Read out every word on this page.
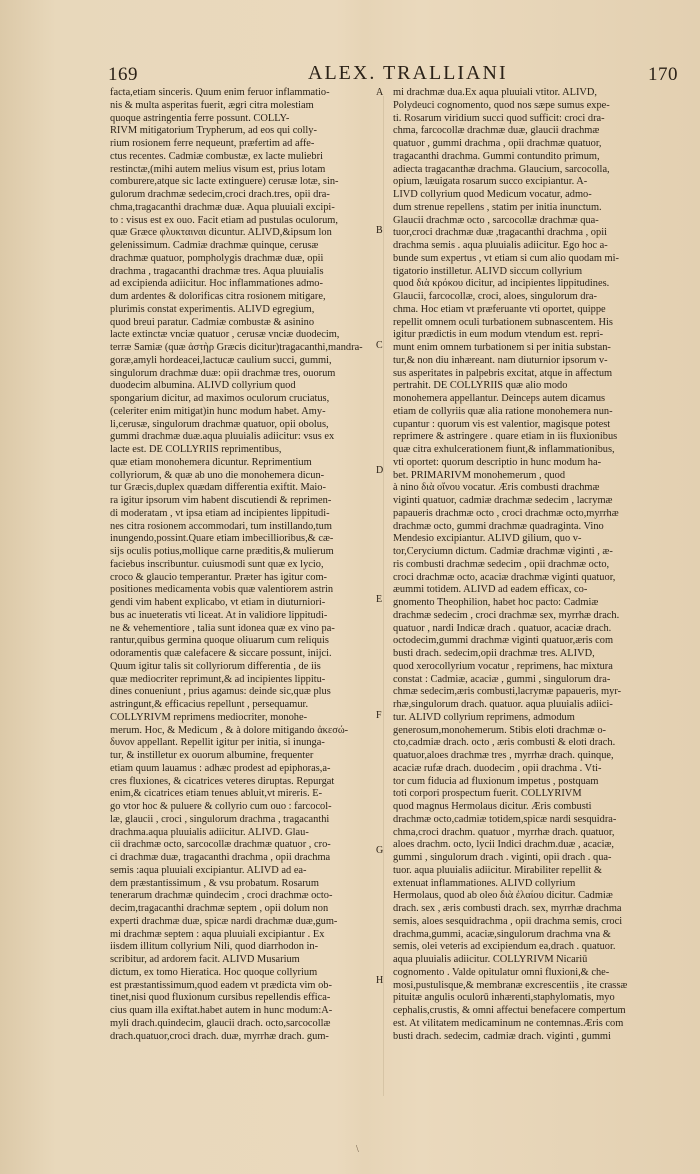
169	ALEX. TRALLIANI	170
A
B
C
D
E
F
G
H
facta,etiam sinceris. Quum enim feruor inflammatio-
nis & multa asperitas fuerit, ægri citra molestiam
quoque astringentia ferre possunt. COLLY-
RIVM mitigatorium Trypherum, ad eos qui colly-
rium rosionem ferre nequeunt, præfertim ad affe-
ctus recentes. Cadmiæ combustæ, ex lacte muliebri
restinctæ,(mihi autem melius visum est, prius lotam
comburere,atque sic lacte extinguere) cerusæ lotæ, sin-
gulorum drachmæ sedecim,croci drach.tres, opii dra-
chma,tragacanthi drachmæ duæ. Aqua pluuiali excipi-
to : visus est ex ouo. Facit etiam ad pustulas oculorum,
quæ Græce φλυκταιναι dicuntur. ALIVD,&ipsum lon
gelenissimum. Cadmiæ drachmæ quinque, cerusæ
drachmæ quatuor, pompholygis drachmæ duæ, opii
drachma , tragacanthi drachmæ tres. Aqua pluuialis
ad excipienda adiicitur. Hoc inflammationes admo-
dum ardentes & dolorificas citra rosionem mitigare,
plurimis constat experimentis. ALIVD egregium,
quod breui paratur. Cadmiæ combustæ & asinino
lacte extinctæ vnciæ quatuor , cerusæ vnciæ duodecim,
terræ Samiæ (quæ ἀστὴρ Græcis dicitur)tragacanthi,mandra-
goræ,amyli hordeacei,lactucæ caulium succi, gummi,
singulorum drachmæ duæ: opii drachmæ tres, ouorum
duodecim albumina. ALIVD collyrium quod
spongarium dicitur, ad maximos oculorum cruciatus,
(celeriter enim mitigat)in hunc modum habet. Amy-
li,cerusæ, singulorum drachmæ quatuor, opii obolus,
gummi drachmæ duæ.aqua pluuialis adiicitur: vsus ex
lacte est. DE COLLYRIIS reprimentibus,
quæ etiam monohemera dicuntur. Reprimentium
collyriorum, & quæ ab uno die monohemera dicun-
tur Græcis,duplex quædam differentia exiftit. Maio-
ra igitur ipsorum vim habent discutiendi & reprimen-
di moderatam , vt ipsa etiam ad incipientes lippitudi-
nes citra rosionem accommodari, tum instillando,tum
inungendo,possint.Quare etiam imbecillioribus,& cæ-
sijs oculis potius,mollique carne præditis,& mulierum
faciebus inscribuntur. cuiusmodi sunt quæ ex lycio,
croco & glaucio temperantur. Præter has igitur com-
positiones medicamenta vobis quæ valentiorem astrin
gendi vim habent explicabo, vt etiam in diuturniori-
bus ac inueteratis vti liceat. At in validiore lippitudi-
ne & vehementiore , talia sunt idonea quæ ex vino pa-
rantur,quibus germina quoque oliuarum cum reliquis
odoramentis quæ calefacere & siccare possunt, inijci.
Quum igitur talis sit collyriorum differentia , de iis
quæ mediocriter reprimunt,& ad incipientes lippitu-
dines conueniunt , prius agamus: deinde sic,quæ plus
astringunt,& efficacius repellunt , persequamur.
COLLYRIVM reprimens mediocriter, monohe-
merum. Hoc, & Medicum , & à dolore mitigando ἀκεσώ-
δυνον appellant. Repellit igitur per initia, si inunga-
tur, & instilletur ex ouorum albumine, frequenter
etiam quum lauamus : adhæc prodest ad epiphoras,a-
cres fluxiones, & cicatrices veteres diruptas. Repurgat
enim,& cicatrices etiam tenues abluit,vt mireris. E-
go vtor hoc & puluere & collyrio cum ouo : farcocol-
læ, glaucii , croci , singulorum drachma , tragacanthi
drachma.aqua pluuialis adiicitur. ALIVD. Glau-
cii drachmæ octo, sarcocollæ drachmæ quatuor , cro-
ci drachmæ duæ, tragacanthi drachma , opii drachma
semis :aqua pluuiali excipiantur. ALIVD ad ea-
dem præstantissimum , & vsu probatum. Rosarum
tenerarum drachmæ quindecim , croci drachmæ octo-
decim,tragacanthi drachmæ septem , opii dolum non
experti drachmæ duæ, spicæ nardi drachmæ duæ,gum-
mi drachmæ septem : aqua pluuiali excipiantur . Ex
iisdem illitum collyrium Nili, quod diarrhodon in-
scribitur, ad ardorem facit. ALIVD Musarium
dictum, ex tomo Hieratica. Hoc quoque collyrium
est præstantissimum,quod eadem vt prædicta vim ob-
tinet,nisi quod fluxionum cursibus repellendis effica-
cius quam illa exiftat.habet autem in hunc modum:A-
myli drach.quindecim, glaucii drach. octo,sarcocollæ
drach.quatuor,croci drach. duæ, myrrhæ drach. gum-
mi drachmæ dua.Ex aqua pluuiali vtitor. ALIVD,
Polydeuci cognomento, quod nos sæpe sumus expe-
ti. Rosarum viridium succi quod sufficit: croci dra-
chma, farcocollæ drachmæ duæ, glaucii drachmæ
quatuor , gummi drachma , opii drachmæ quatuor,
tragacanthi drachma. Gummi contundito primum,
adiecta tragacanthæ drachma. Glaucium, sarcocolla,
opium, læuigata rosarum succo excipiantur. A-
LIVD collyrium quod Medicum vocatur, admo-
dum strenue repellens , statim per initia inunctum.
Glaucii drachmæ octo , sarcocollæ drachmæ qua-
tuor,croci drachmæ duæ ,tragacanthi drachma , opii
drachma semis . aqua pluuialis adiicitur. Ego hoc a-
bunde sum expertus , vt etiam si cum alio quodam mi-
tigatorio instilletur. ALIVD siccum collyrium
quod διὰ κρόκου dicitur, ad incipientes lippitudines.
Glaucii, farcocollæ, croci, aloes, singulorum dra-
chma. Hoc etiam vt præferuante vti oportet, quippe
repellit omnem oculi turbationem subnascentem. His
igitur prædictis in eum modum vtendum est. repri-
munt enim omnem turbationem si per initia substan-
tur,& non diu inhæreant. nam diuturnior ipsorum v-
sus asperitates in palpebris excitat, atque in affectum
pertrahit. DE COLLYRIIS quæ alio modo
monohemera appellantur. Deinceps autem dicamus
etiam de collyriis quæ alia ratione monohemera nun-
cupantur : quorum vis est valentior, magisque potest
reprimere & astringere . quare etiam in iis fluxionibus
quæ citra exhulcerationem fiunt,& inflammationibus,
vti oportet: quorum descriptio in hunc modum ha-
bet. PRIMARIVM monohemerum , quod
à nino διὰ οἴνου vocatur. Æris combusti drachmæ
viginti quatuor, cadmiæ drachmæ sedecim , lacrymæ
papaueris drachmæ octo , croci drachmæ octo,myrrhæ
drachmæ octo, gummi drachmæ quadraginta. Vino
Mendesio excipiantur. ALIVD gilium, quo v-
tor,Ceryciumn dictum. Cadmiæ drachmæ viginti , æ-
ris combusti drachmæ sedecim , opii drachmæ octo,
croci drachmæ octo, acaciæ drachmæ viginti quatuor,
æummi totidem. ALIVD ad eadem efficax, co-
gnomento Theophilion, habet hoc pacto: Cadmiæ
drachmæ sedecim , croci drachmæ sex, myrrhæ drach.
quatuor , nardi Indicæ drach . quatuor, acaciæ drach.
octodecim,gummi drachmæ viginti quatuor,æris com
busti drach. sedecim,opii drachmæ tres. ALIVD,
quod xerocollyrium vocatur , reprimens, hac mixtura
constat : Cadmiæ, acaciæ , gummi , singulorum dra-
chmæ sedecim,æris combusti,lacrymæ papaueris, myr-
rhæ,singulorum drach. quatuor. aqua pluuialis adiici-
tur. ALIVD collyrium reprimens, admodum
generosum,monohemerum. Stibis eloti drachmæ o-
cto,cadmiæ drach. octo , æris combusti & eloti drach.
quatuor,aloes drachmæ tres , myrrhæ drach. quinque,
acaciæ rufæ drach. duodecim , opii drachma . Vti-
tor cum fiducia ad fluxionum impetus , postquam
toti corpori prospectum fuerit. COLLYRIVM
quod magnus Hermolaus dicitur. Æris combusti
drachmæ octo,cadmiæ totidem,spicæ nardi sesquidra-
chma,croci drachm. quatuor , myrrhæ drach. quatuor,
aloes drachm. octo, lycii Indici drachm.duæ , acaciæ,
gummi , singulorum drach . viginti, opii drach . qua-
tuor. aqua pluuialis adiicitur. Mirabiliter repellit &
extenuat inflammationes. ALIVD collyrium
Hermolaus, quod ab oleo διὰ ἐλαίου dicitur. Cadmiæ
drach. sex , æris combusti drach. sex, myrrhæ drachma
semis, aloes sesquidrachma , opii drachma semis, croci
drachma,gummi, acaciæ,singulorum drachma vna &
semis, olei veteris ad excipiendum ea,drach . quatuor.
aqua pluuialis adiicitur. COLLYRIVM Nicariū
cognomento . Valde opitulatur omni fluxioni,& che-
mosi,pustulisque,& membranæ excrescentiis , ite crassæ
pituitæ angulis oculorū inhærenti,staphylomatis, myo
cephalis,crustis, & omni affectui benefacere compertum
est. At vilitatem medicaminum ne contemnas.Æris com
busti drach. sedecim, cadmiæ drach. viginti , gummi
\
